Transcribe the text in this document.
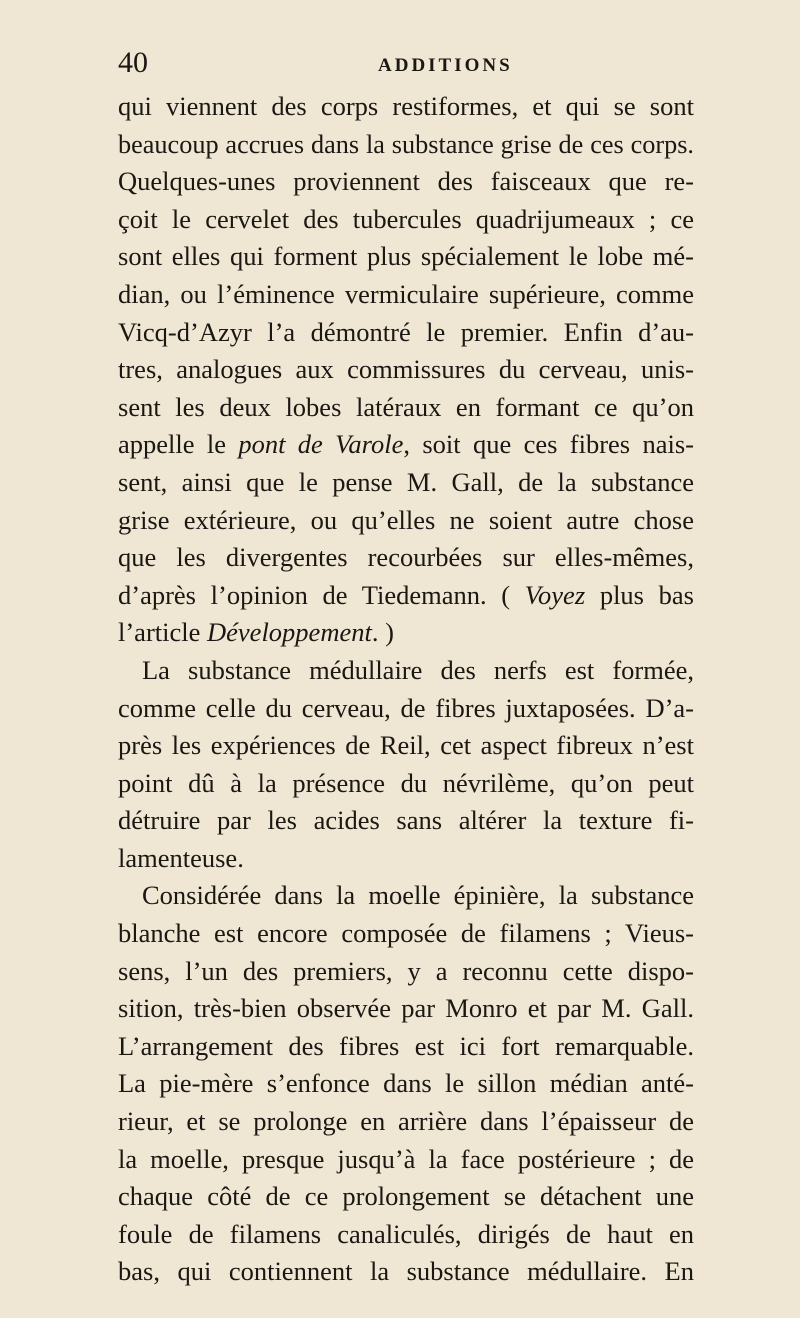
40	ADDITIONS
qui viennent des corps restiformes, et qui se sont
beaucoup accrues dans la substance grise de ces corps.
Quelques-unes proviennent des faisceaux que re-
çoit le cervelet des tubercules quadrijumeaux ; ce
sont elles qui forment plus spécialement le lobe mé-
dian, ou l’éminence vermiculaire supérieure, comme
Vicq-d’Azyr l’a démontré le premier. Enfin d’au-
tres, analogues aux commissures du cerveau, unis-
sent les deux lobes latéraux en formant ce qu’on
appelle le pont de Varole, soit que ces fibres nais-
sent, ainsi que le pense M. Gall, de la substance
grise extérieure, ou qu’elles ne soient autre chose
que les divergentes recourbées sur elles-mêmes,
d’après l’opinion de Tiedemann. ( Voyez plus bas
l’article Développement. )
La substance médullaire des nerfs est formée,
comme celle du cerveau, de fibres juxtaposées. D’a-
près les expériences de Reil, cet aspect fibreux n’est
point dû à la présence du névrilème, qu’on peut
détruire par les acides sans altérer la texture fi-
lamenteuse.
Considérée dans la moelle épinière, la substance
blanche est encore composée de filamens ; Vieus-
sens, l’un des premiers, y a reconnu cette dispo-
sition, très-bien observée par Monro et par M. Gall.
L’arrangement des fibres est ici fort remarquable.
La pie-mère s’enfonce dans le sillon médian anté-
rieur, et se prolonge en arrière dans l’épaisseur de
la moelle, presque jusqu’à la face postérieure ; de
chaque côté de ce prolongement se détachent une
foule de filamens canaliculés, dirigés de haut en
bas, qui contiennent la substance médullaire. En
